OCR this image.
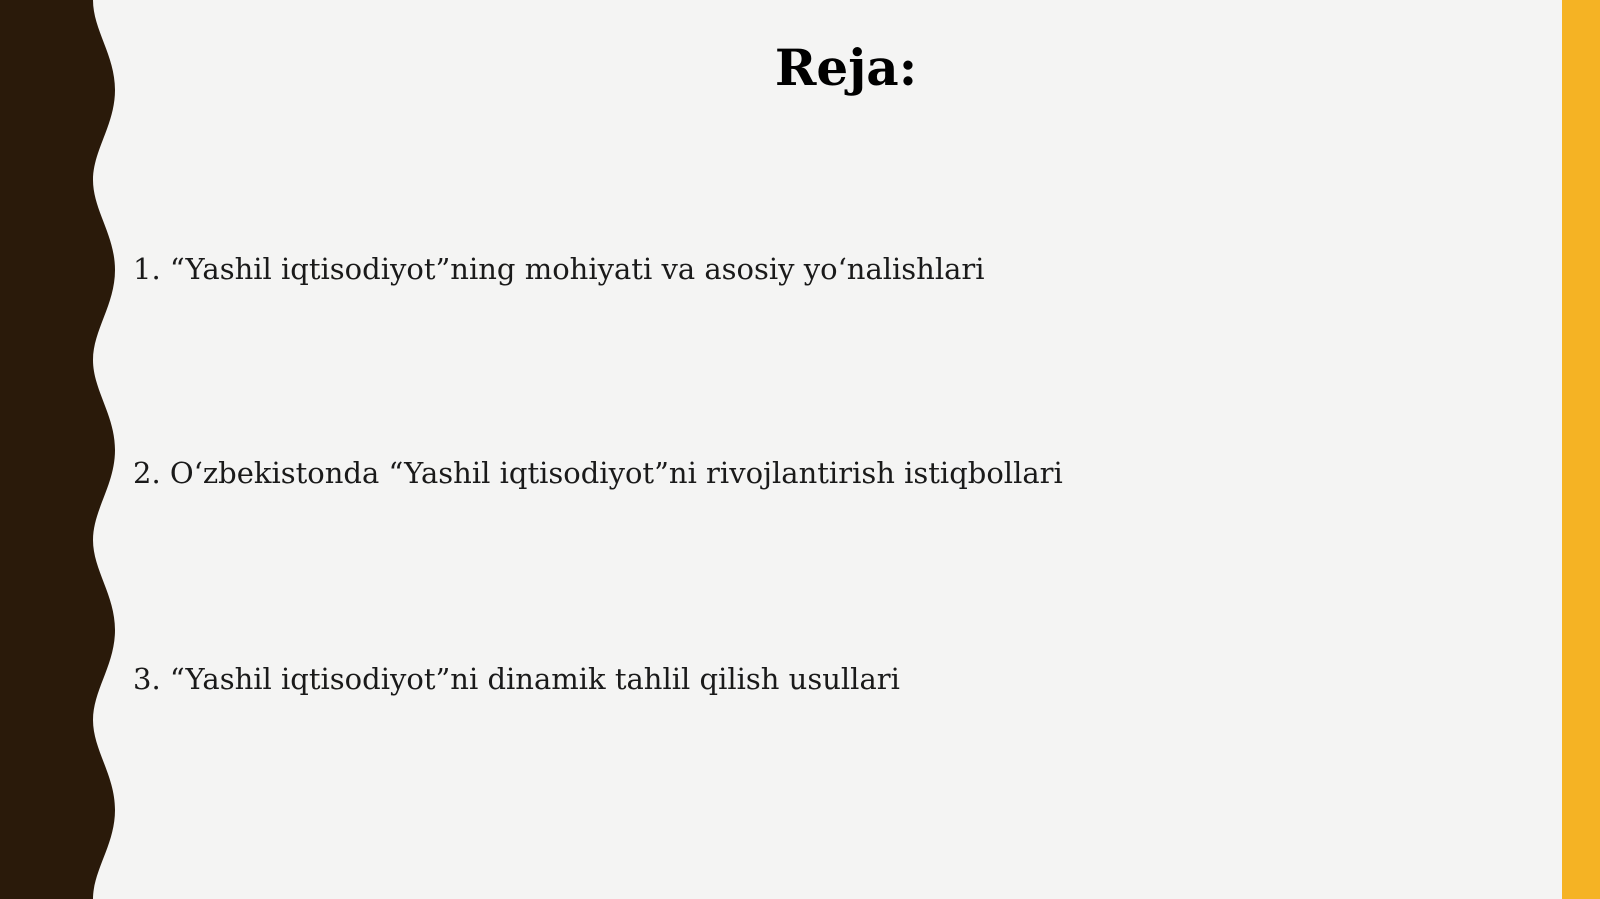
Reja:
1. “Yashil iqtisodiyot”ning mohiyati va asosiy yo‘nalishlari
2. O‘zbekistonda “Yashil iqtisodiyot”ni rivojlantirish istiqbollari
3. “Yashil iqtisodiyot”ni dinamik tahlil qilish usullari
